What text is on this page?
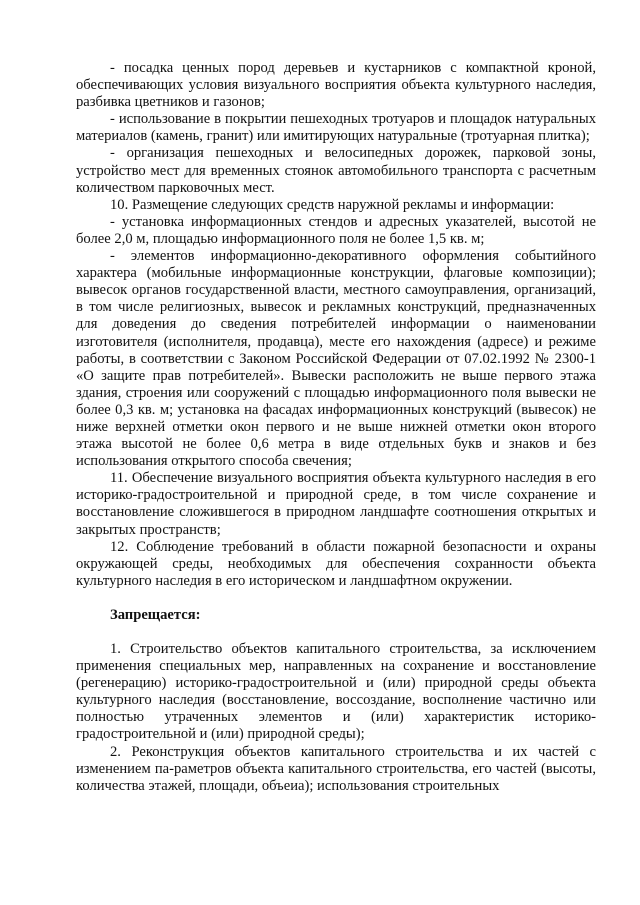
- посадка ценных пород деревьев и кустарников с компактной кроной, обеспечивающих условия визуального восприятия объекта культурного наследия, разбивка цветников и газонов;

- использование в покрытии пешеходных тротуаров и площадок натуральных материалов (камень, гранит) или имитирующих натуральные (тротуарная плитка);

- организация пешеходных и велосипедных дорожек, парковой зоны, устройство мест для временных стоянок автомобильного транспорта с расчетным количеством парковочных мест.

10. Размещение следующих средств наружной рекламы и информации:

- установка информационных стендов и адресных указателей, высотой не более 2,0 м, площадью информационного поля не более 1,5 кв. м;

- элементов информационно-декоративного оформления событийного характера (мобильные информационные конструкции, флаговые композиции); вывесок органов государственной власти, местного самоуправления, организаций, в том числе религиозных, вывесок и рекламных конструкций, предназначенных для доведения до сведения потребителей информации о наименовании изготовителя (исполнителя, продавца), месте его нахождения (адресе) и режиме работы, в соответствии с Законом Российской Федерации от 07.02.1992 № 2300-1 «О защите прав потребителей». Вывески расположить не выше первого этажа здания, строения или сооружений с площадью информационного поля вывески не более 0,3 кв. м; установка на фасадах информационных конструкций (вывесок) не ниже верхней отметки окон первого и не выше нижней отметки окон второго этажа высотой не более 0,6 метра в виде отдельных букв и знаков и без использования открытого способа свечения;

11. Обеспечение визуального восприятия объекта культурного наследия в его историко-градостроительной и природной среде, в том числе сохранение и восстановление сложившегося в природном ландшафте соотношения открытых и закрытых пространств;

12. Соблюдение требований в области пожарной безопасности и охраны окружающей среды, необходимых для обеспечения сохранности объекта культурного наследия в его историческом и ландшафтном окружении.

Запрещается:

1. Строительство объектов капитального строительства, за исключением применения специальных мер, направленных на сохранение и восстановление (регенерацию) историко-градостроительной и (или) природной среды объекта культурного наследия (восстановление, воссоздание, восполнение частично или полностью утраченных элементов и (или) характеристик историко-градостроительной и (или) природной среды);

2. Реконструкция объектов капитального строительства и их частей с изменением па-раметров объекта капитального строительства, его частей (высоты, количества этажей, площади, объеиа); использования строительных
